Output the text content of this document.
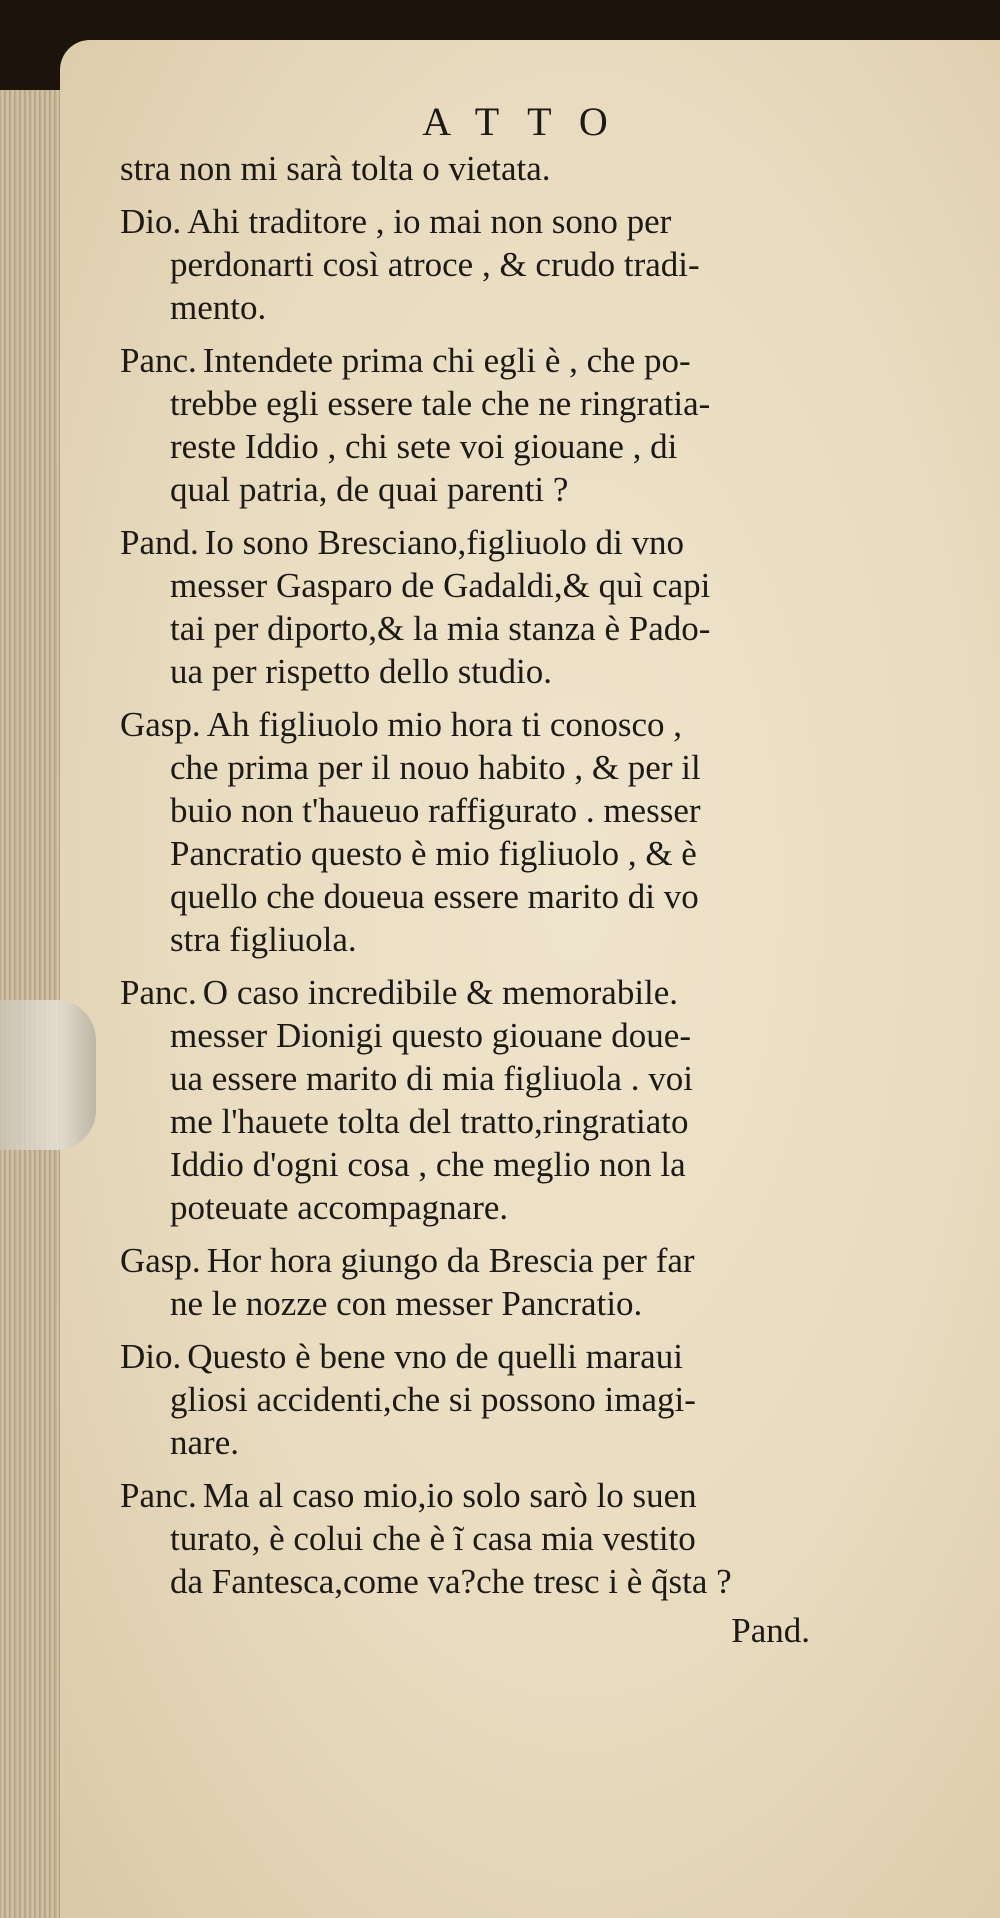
ATTO
stra non mi sarà tolta o vietata.
Dio. Ahi traditore , io mai non sono per
perdonarti così atroce , & crudo tradi-
mento.
Panc. Intendete prima chi egli è , che po-
trebbe egli essere tale che ne ringratia-
reste Iddio , chi sete voi giouane , di
qual patria, de quai parenti ?
Pand. Io sono Bresciano,figliuolo di vno
messer Gasparo de Gadaldi,& quì capi
tai per diporto,& la mia stanza è Pado-
ua per rispetto dello studio.
Gasp. Ah figliuolo mio hora ti conosco ,
che prima per il nouo habito , & per il
buio non t'haueuo raffigurato . messer
Pancratio questo è mio figliuolo , & è
quello che doueua essere marito di vo
stra figliuola.
Panc. O caso incredibile & memorabile.
messer Dionigi questo giouane doue-
ua essere marito di mia figliuola . voi
me l'hauete tolta del tratto,ringratiato
Iddio d'ogni cosa , che meglio non la
poteuate accompagnare.
Gasp. Hor hora giungo da Brescia per far
ne le nozze con messer Pancratio.
Dio. Questo è bene vno de quelli maraui
gliosi accidenti,che si possono imagi-
nare.
Panc. Ma al caso mio,io solo sarò lo suen
turato, è colui che è ĩ casa mia vestito
da Fantesca,come va?che tresc i è q̃sta ?
Pand.
